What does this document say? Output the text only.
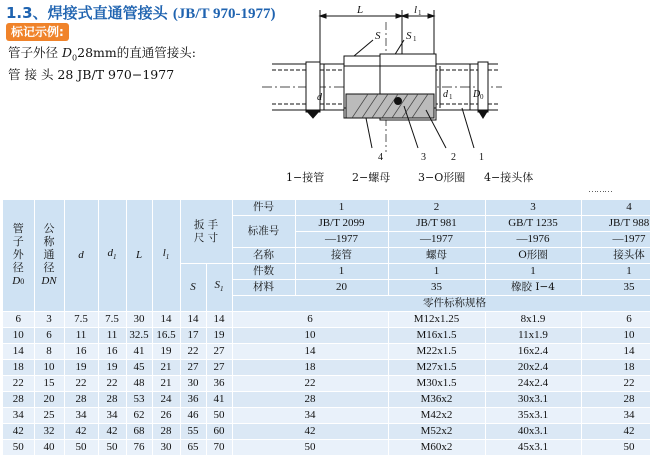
1.3、焊接式直通管接头 (JB/T 970-1977)
标记示例:
管子外径 $D_028mm$的直通管接头:
管 接 头 28 JB/T 970−1977
L	l 1
S S 1
d	d 1 D 0
4	3	2 1
1−接管	2−螺母	3−O形圈 4−接头体
⋯⋯⋯
管
子
外
径
D0	公
称
通
径
DN	d	$d_1$	L	$l_1$	扳 手
尺 寸		件号	1	2	3	4
								标准号	JB/T 2099	JB/T 981	GB/T 1235	JB/T 988
									—1977	—1977	—1976	—1977
								名称	接管	螺母	O形圈	接头体
						S	$S_1$	件数	1	1	1	1
								材料	20	35	橡胶 I−4	35
								零件标称规格				
6	3	7.5	7.5	30	14	14	14	6		M12x1.25	8x1.9	6
10	6	11	11	32.5	16.5	17	19	10		M16x1.5	11x1.9	10
14	8	16	16	41	19	22	27	14		M22x1.5	16x2.4	14
18	10	19	19	45	21	27	27	18		M27x1.5	20x2.4	18
22	15	22	22	48	21	30	36	22		M30x1.5	24x2.4	22
28	20	28	28	53	24	36	41	28		M36x2	30x3.1	28
34	25	34	34	62	26	46	50	34		M42x2	35x3.1	34
42	32	42	42	68	28	55	60	42		M52x2	40x3.1	42
50	40	50	50	76	30	65	70	50		M60x2	45x3.1	50
